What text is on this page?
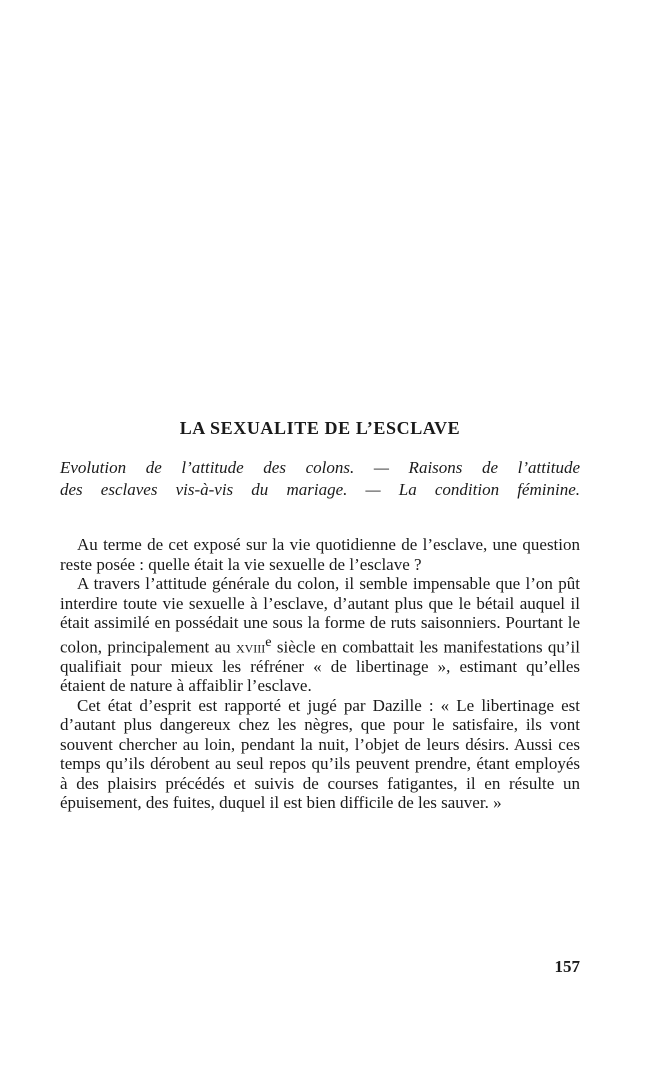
LA SEXUALITE DE L’ESCLAVE

Evolution de l’attitude des colons. — Raisons de l’attitude
des esclaves vis-à-vis du mariage. — La condition féminine.

Au terme de cet exposé sur la vie quotidienne de l’esclave, une question reste posée : quelle était la vie sexuelle de l’esclave ?

A travers l’attitude générale du colon, il semble impensable que l’on pût interdire toute vie sexuelle à l’esclave, d’autant plus que le bétail auquel il était assimilé en possédait une sous la forme de ruts saisonniers. Pourtant le colon, principalement au xviii$^e$ siècle en combattait les manifestations qu’il qualifiait pour mieux les réfréner « de libertinage », estimant qu’elles étaient de nature à affaiblir l’esclave.

Cet état d’esprit est rapporté et jugé par Dazille : « Le libertinage est d’autant plus dangereux chez les nègres, que pour le satisfaire, ils vont souvent chercher au loin, pendant la nuit, l’objet de leurs désirs. Aussi ces temps qu’ils dérobent au seul repos qu’ils peuvent prendre, étant employés à des plaisirs précédés et suivis de courses fatigantes, il en résulte un épuisement, des fuites, duquel il est bien difficile de les sauver. »

157
